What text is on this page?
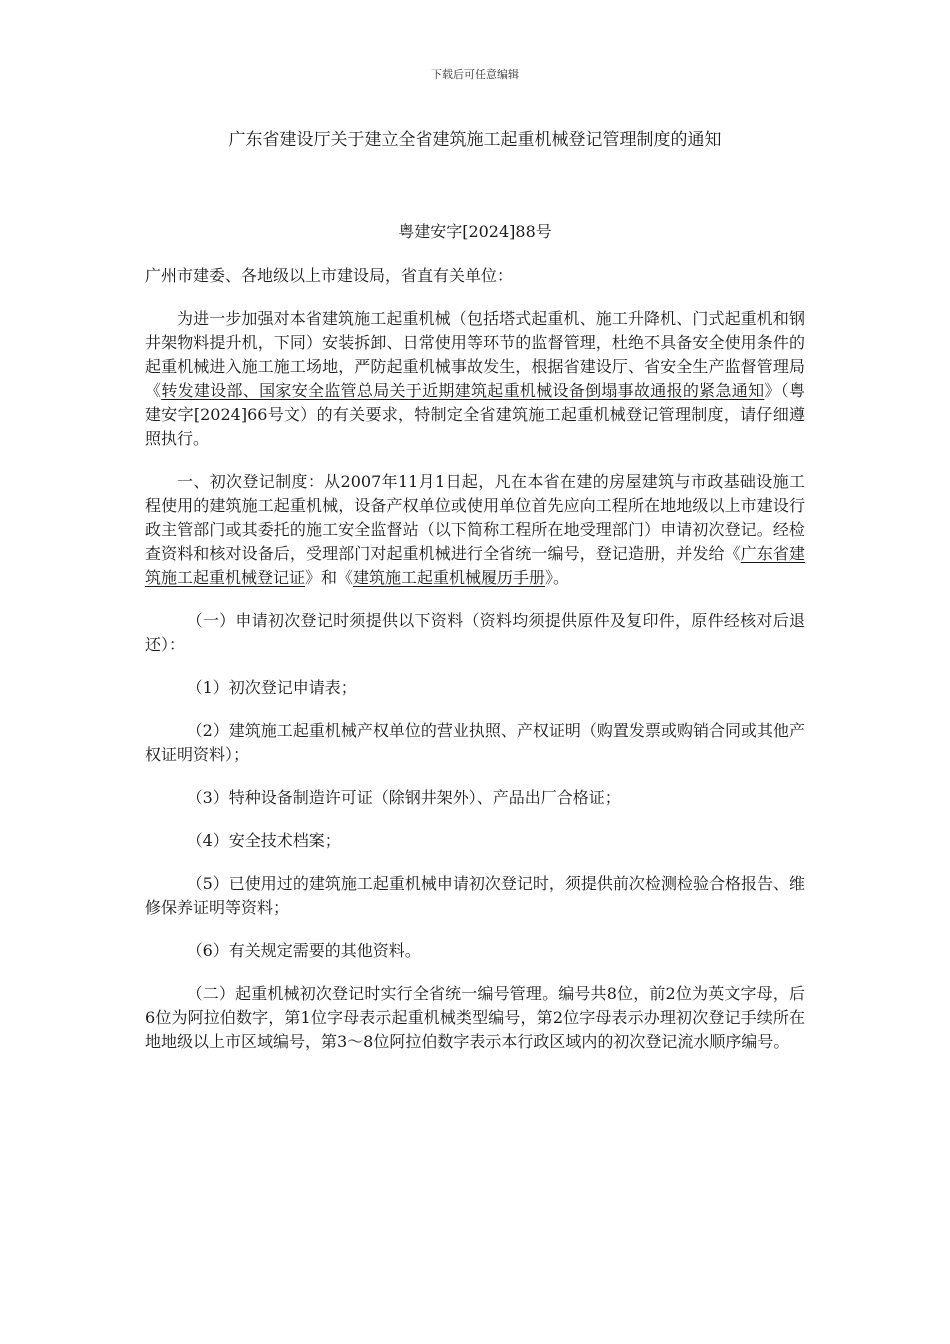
下载后可任意编辑
广东省建设厅关于建立全省建筑施工起重机械登记管理制度的通知
粤建安字[2024]88号

广州市建委、各地级以上市建设局，省直有关单位：

为进一步加强对本省建筑施工起重机械（包括塔式起重机、施工升降机、门式起重机和钢井架物料提升机，下同）安装拆卸、日常使用等环节的监督管理，杜绝不具备安全使用条件的起重机械进入施工施工场地，严防起重机械事故发生，根据省建设厅、省安全生产监督管理局《转发建设部、国家安全监管总局关于近期建筑起重机械设备倒塌事故通报的紧急通知》（粤建安字[2024]66号文）的有关要求，特制定全省建筑施工起重机械登记管理制度，请仔细遵照执行。

一、初次登记制度：从2007年11月1日起，凡在本省在建的房屋建筑与市政基础设施工程使用的建筑施工起重机械，设备产权单位或使用单位首先应向工程所在地地级以上市建设行政主管部门或其委托的施工安全监督站（以下简称工程所在地受理部门）申请初次登记。经检查资料和核对设备后，受理部门对起重机械进行全省统一编号，登记造册，并发给《广东省建筑施工起重机械登记证》和《建筑施工起重机械履历手册》。

（一）申请初次登记时须提供以下资料（资料均须提供原件及复印件，原件经核对后退还）：

（1）初次登记申请表；

（2）建筑施工起重机械产权单位的营业执照、产权证明（购置发票或购销合同或其他产权证明资料）；

（3）特种设备制造许可证（除钢井架外）、产品出厂合格证；

（4）安全技术档案；

（5）已使用过的建筑施工起重机械申请初次登记时，须提供前次检测检验合格报告、维修保养证明等资料；

（6）有关规定需要的其他资料。

（二）起重机械初次登记时实行全省统一编号管理。编号共8位，前2位为英文字母，后6位为阿拉伯数字，第1位字母表示起重机械类型编号，第2位字母表示办理初次登记手续所在地地级以上市区域编号，第3～8位阿拉伯数字表示本行政区域内的初次登记流水顺序编号。
